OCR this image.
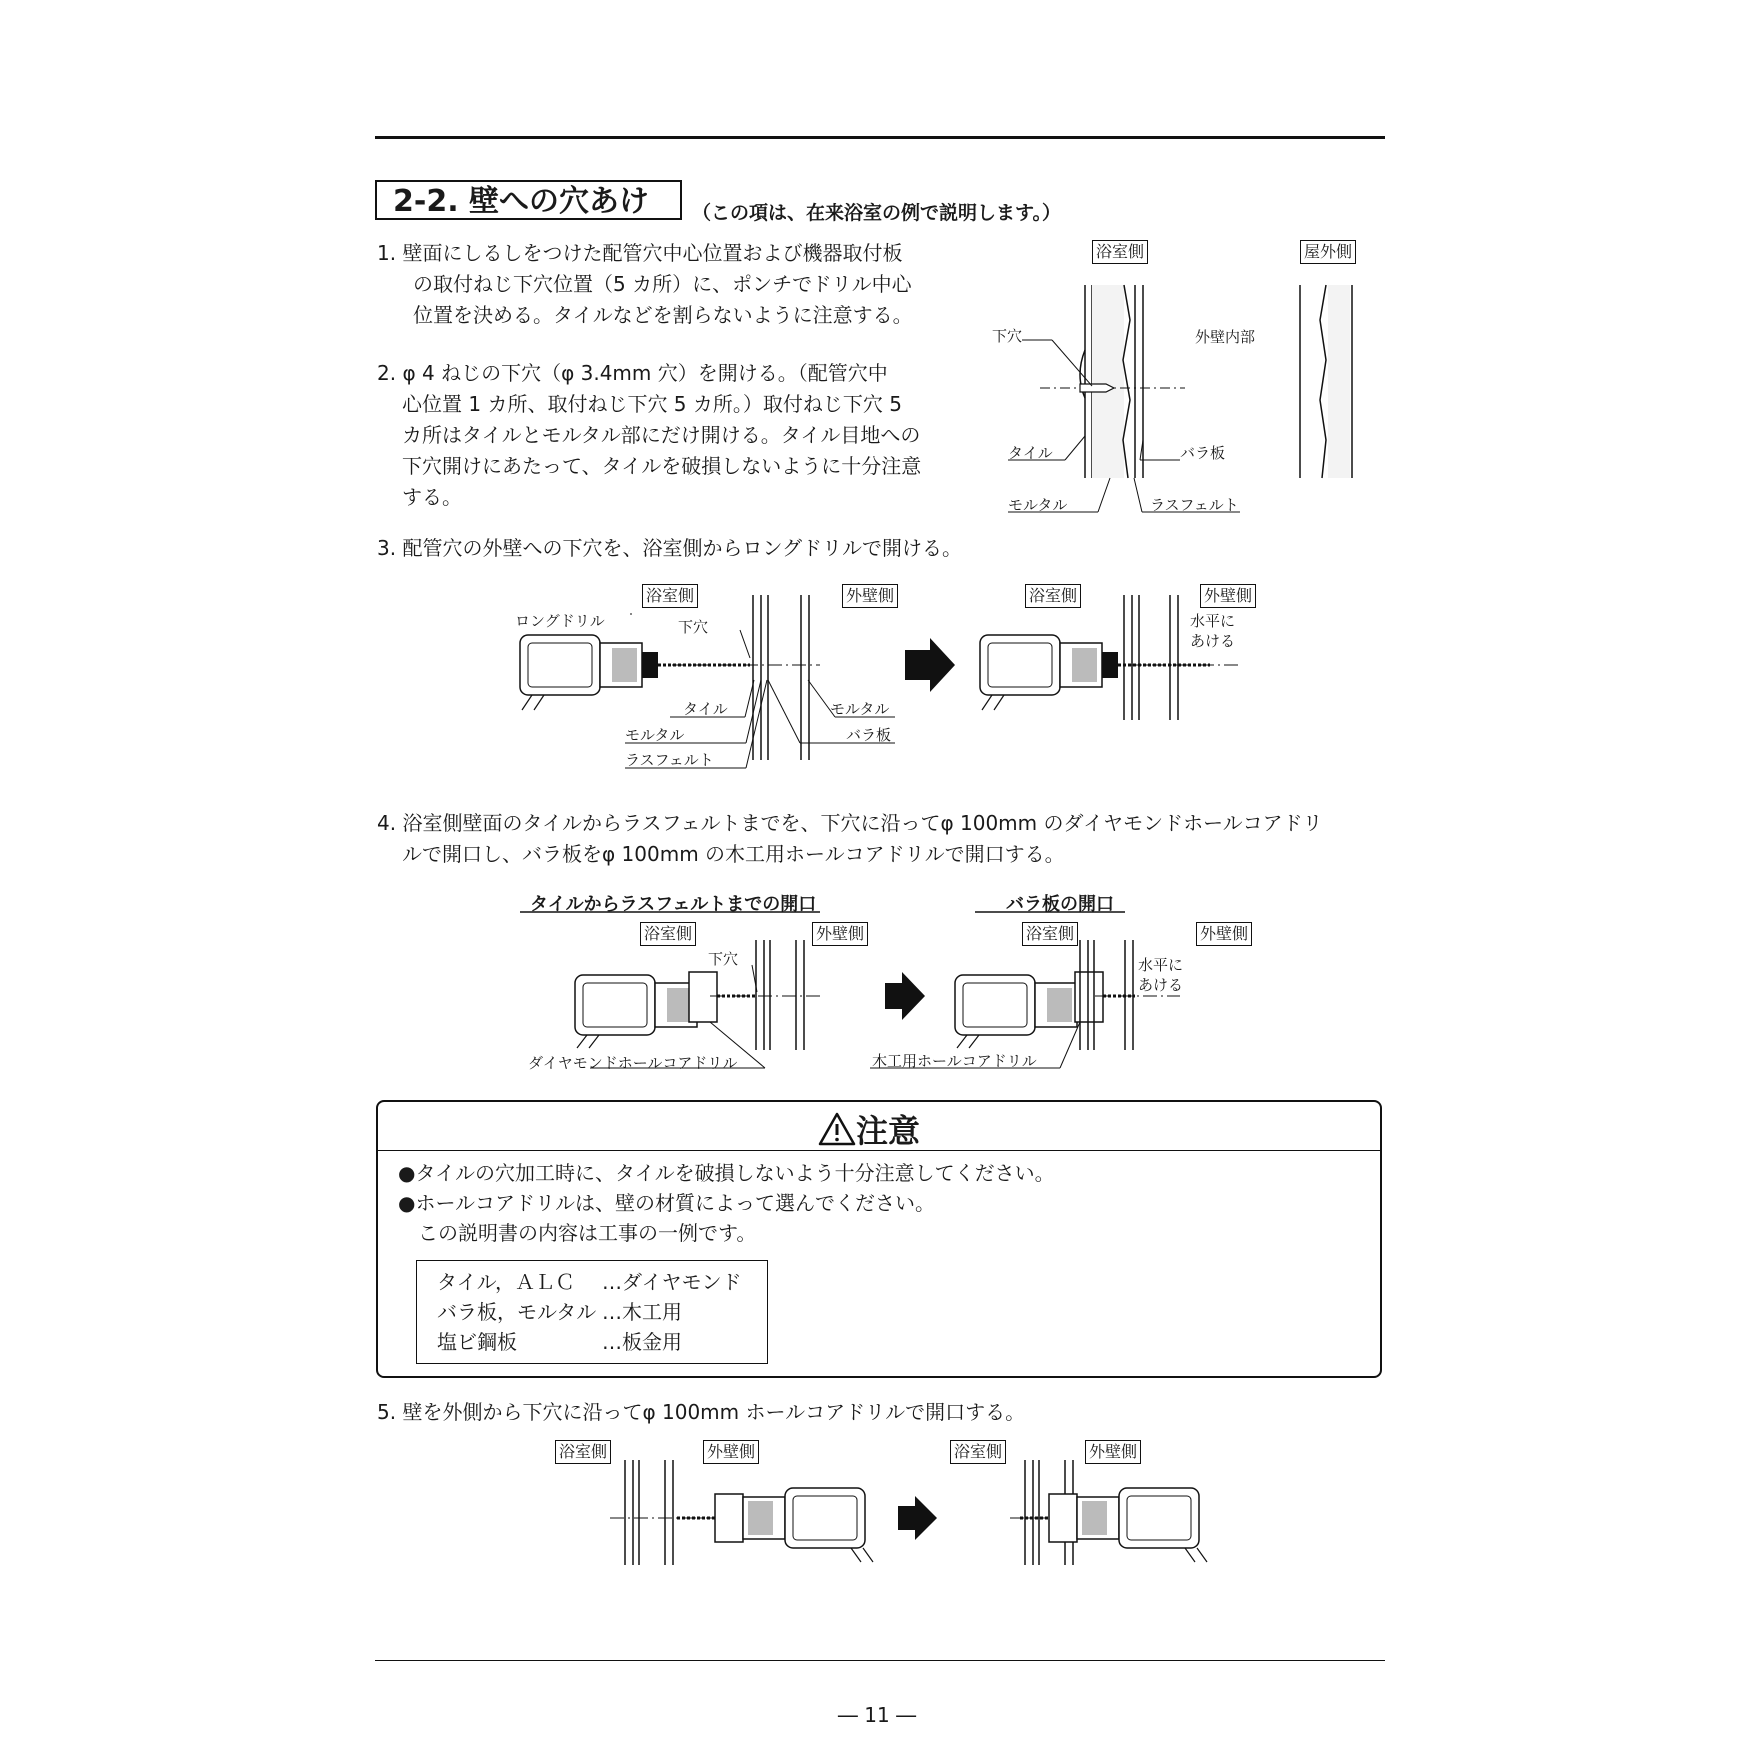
2-2. 壁への穴あけ	（この項は、在来浴室の例で説明します。）
1. 壁面にしるしをつけた配管穴中心位置および機器取付板
の取付ねじ下穴位置（5 カ所）に、ポンチでドリル中心
位置を決める。タイルなどを割らないように注意する。
2. φ 4 ねじの下穴（φ 3.4mm 穴）を開ける。（配管穴中
心位置 1 カ所、取付ねじ下穴 5 カ所。）取付ねじ下穴 5
カ所はタイルとモルタル部にだけ開ける。タイル目地への
下穴開けにあたって、タイルを破損しないように十分注意
する。
浴室側	屋外側
下穴	外壁内部
タイル	バラ板
モルタル	ラスフェルト
3. 配管穴の外壁への下穴を、浴室側からロングドリルで開ける。
浴室側	外壁側
ロングドリル	下穴
タイル
モルタル
ラスフェルト
モルタル
バラ板
浴室側	外壁側
水平に
あける
4. 浴室側壁面のタイルからラスフェルトまでを、下穴に沿ってφ 100mm のダイヤモンドホールコアドリ
ルで開口し、バラ板をφ 100mm の木工用ホールコアドリルで開口する。
タイルからラスフェルトまでの開口	バラ板の開口
浴室側	外壁側
下穴
ダイヤモンドホールコアドリル
浴室側	外壁側
水平に
あける
木工用ホールコアドリル
注意
●タイルの穴加工時に、タイルを破損しないよう十分注意してください。
●ホールコアドリルは、壁の材質によって選んでください。
この説明書の内容は工事の一例です。
タイル，ＡＬＣ …ダイヤモンド
バラ板，モルタル …木工用
塩ビ鋼板	…板金用
5. 壁を外側から下穴に沿ってφ 100mm ホールコアドリルで開口する。
浴室側	外壁側	浴室側	外壁側
― 11 ―
